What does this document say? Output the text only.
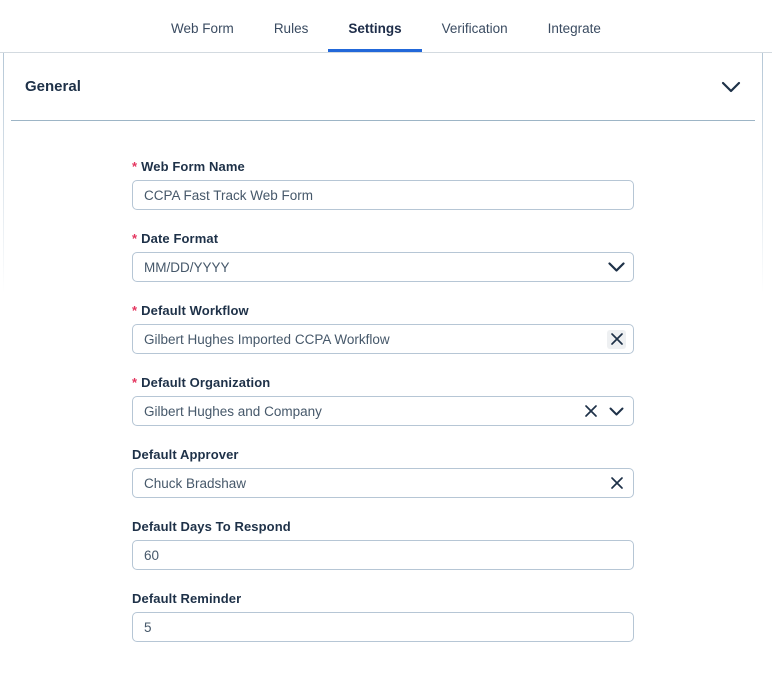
Web Form	Rules	Settings	Verification	Integrate
General
* Web Form Name
CCPA Fast Track Web Form
* Date Format
MM/DD/YYYY
* Default Workflow
Gilbert Hughes Imported CCPA Workflow
* Default Organization
Gilbert Hughes and Company
Default Approver
Chuck Bradshaw
Default Days To Respond
60
Default Reminder
5
